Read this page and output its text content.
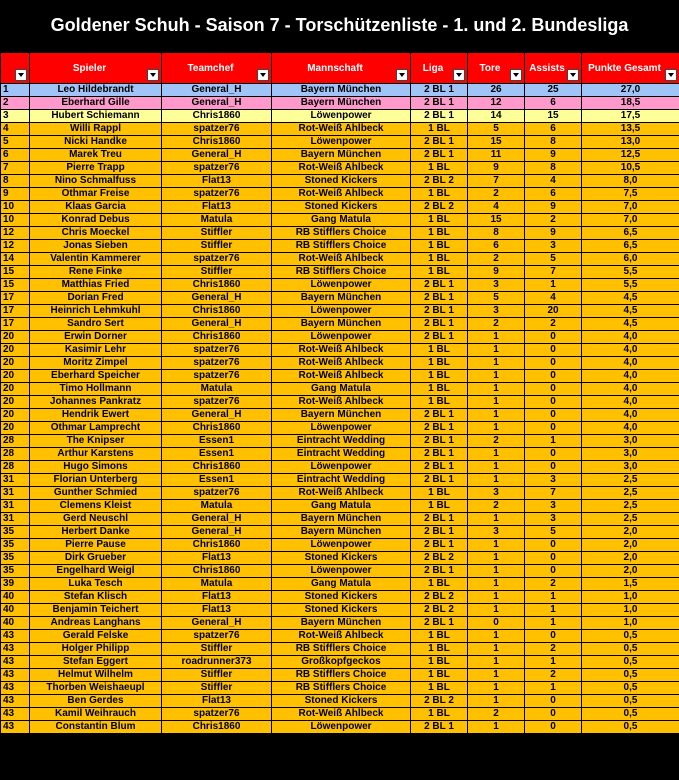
Goldener Schuh - Saison 7 - Torschützenliste - 1. und 2. Bundesliga

	Spieler	Teamchef	Mannschaft	Liga	Tore	Assists	Punkte Gesamt

1	Leo Hildebrandt	General_H	Bayern München	2 BL 1	26	25	27,0
2	Eberhard Gille	General_H	Bayern München	2 BL 1	12	6	18,5
3	Hubert Schiemann	Chris1860	Löwenpower	2 BL 1	14	15	17,5
4	Willi Rappl	spatzer76	Rot-Weiß Ahlbeck	1 BL	5	6	13,5
5	Nicki Handke	Chris1860	Löwenpower	2 BL 1	15	8	13,0
6	Marek Treu	General_H	Bayern München	2 BL 1	11	9	12,5
7	Pierre Trapp	spatzer76	Rot-Weiß Ahlbeck	1 BL	9	8	10,5
8	Nino Schmalfuss	Flat13	Stoned Kickers	2 BL 2	7	4	8,0
9	Othmar Freise	spatzer76	Rot-Weiß Ahlbeck	1 BL	2	6	7,5
10	Klaas Garcia	Flat13	Stoned Kickers	2 BL 2	4	9	7,0
10	Konrad Debus	Matula	Gang Matula	1 BL	15	2	7,0
12	Chris Moeckel	Stiffler	RB Stifflers Choice	1 BL	8	9	6,5
12	Jonas Sieben	Stiffler	RB Stifflers Choice	1 BL	6	3	6,5
14	Valentin Kammerer	spatzer76	Rot-Weiß Ahlbeck	1 BL	2	5	6,0
15	Rene Finke	Stiffler	RB Stifflers Choice	1 BL	9	7	5,5
15	Matthias Fried	Chris1860	Löwenpower	2 BL 1	3	1	5,5
17	Dorian Fred	General_H	Bayern München	2 BL 1	5	4	4,5
17	Heinrich Lehmkuhl	Chris1860	Löwenpower	2 BL 1	3	20	4,5
17	Sandro Sert	General_H	Bayern München	2 BL 1	2	2	4,5
20	Erwin Dorner	Chris1860	Löwenpower	2 BL 1	1	0	4,0
20	Kasimir Lehr	spatzer76	Rot-Weiß Ahlbeck	1 BL	1	0	4,0
20	Moritz Zimpel	spatzer76	Rot-Weiß Ahlbeck	1 BL	1	0	4,0
20	Eberhard Speicher	spatzer76	Rot-Weiß Ahlbeck	1 BL	1	0	4,0
20	Timo Hollmann	Matula	Gang Matula	1 BL	1	0	4,0
20	Johannes Pankratz	spatzer76	Rot-Weiß Ahlbeck	1 BL	1	0	4,0
20	Hendrik Ewert	General_H	Bayern München	2 BL 1	1	0	4,0
20	Othmar Lamprecht	Chris1860	Löwenpower	2 BL 1	1	0	4,0
28	The Knipser	Essen1	Eintracht Wedding	2 BL 1	2	1	3,0
28	Arthur Karstens	Essen1	Eintracht Wedding	2 BL 1	1	0	3,0
28	Hugo Simons	Chris1860	Löwenpower	2 BL 1	1	0	3,0
31	Florian Unterberg	Essen1	Eintracht Wedding	2 BL 1	1	3	2,5
31	Gunther Schmied	spatzer76	Rot-Weiß Ahlbeck	1 BL	3	7	2,5
31	Clemens Kleist	Matula	Gang Matula	1 BL	2	3	2,5
31	Gerd Neuschl	General_H	Bayern München	2 BL 1	1	3	2,5
35	Herbert Danke	General_H	Bayern München	2 BL 1	3	5	2,0
35	Pierre Pause	Chris1860	Löwenpower	2 BL 1	1	0	2,0
35	Dirk Grueber	Flat13	Stoned Kickers	2 BL 2	1	0	2,0
35	Engelhard Weigl	Chris1860	Löwenpower	2 BL 1	1	0	2,0
39	Luka Tesch	Matula	Gang Matula	1 BL	1	2	1,5
40	Stefan Klisch	Flat13	Stoned Kickers	2 BL 2	1	1	1,0
40	Benjamin Teichert	Flat13	Stoned Kickers	2 BL 2	1	1	1,0
40	Andreas Langhans	General_H	Bayern München	2 BL 1	0	1	1,0
43	Gerald Felske	spatzer76	Rot-Weiß Ahlbeck	1 BL	1	0	0,5
43	Holger Philipp	Stiffler	RB Stifflers Choice	1 BL	1	2	0,5
43	Stefan Eggert	roadrunner373	Großkopfgeckos	1 BL	1	1	0,5
43	Helmut Wilhelm	Stiffler	RB Stifflers Choice	1 BL	1	2	0,5
43	Thorben Weishaeupl	Stiffler	RB Stifflers Choice	1 BL	1	1	0,5
43	Ben Gerdes	Flat13	Stoned Kickers	2 BL 2	1	0	0,5
43	Kamil Weihrauch	spatzer76	Rot-Weiß Ahlbeck	1 BL	2	0	0,5
43	Constantin Blum	Chris1860	Löwenpower	2 BL 1	1	0	0,5
